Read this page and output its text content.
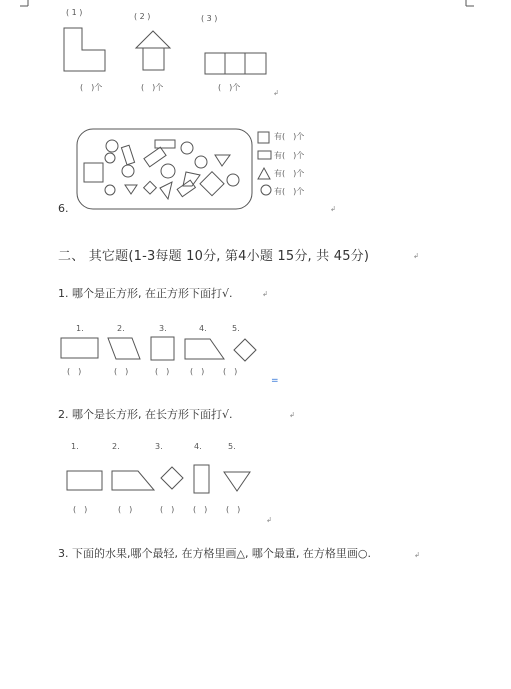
( 1 )	( 2 )	( 3 )
(　)个	(　)个	(　)个
↲
6.
有(　)个
有(　)个
有(　)个
有(　)个
↲
二、 其它题(1-3每题 10分, 第4小题 15分, 共 45分)	↲
1. 哪个是正方形, 在正方形下面打√.	↲
1.	2.	3.	4.	5.
(　)	(　)	(　)	(　) (　)
=
2. 哪个是长方形, 在长方形下面打√.	↲
1.	2.	3.	4.	5.
(　)	(　)	(　) (　) (　)
↲
3. 下面的水果,哪个最轻, 在方格里画△, 哪个最重, 在方格里画○.	↲
